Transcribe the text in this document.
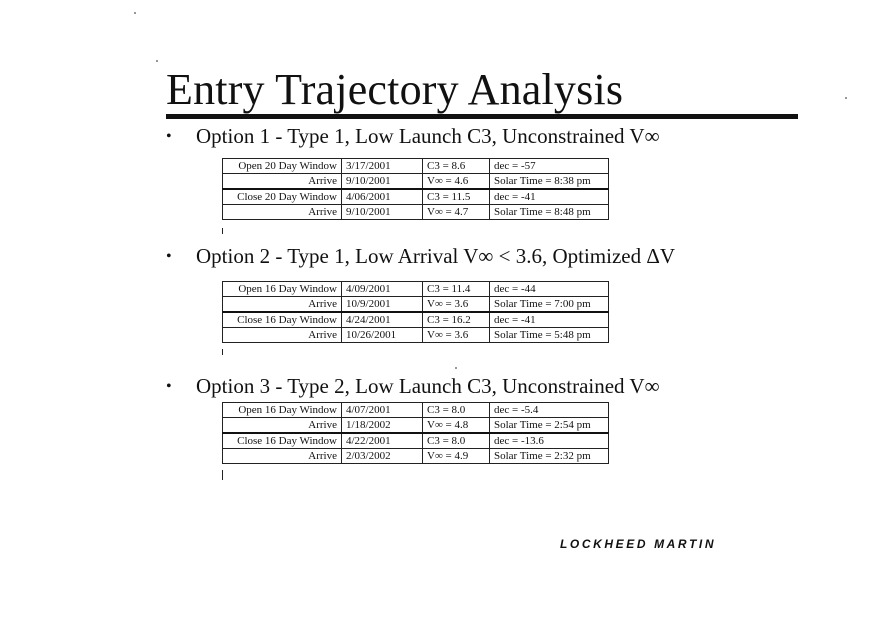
Entry Trajectory Analysis
• Option 1 - Type 1, Low Launch C3, Unconstrained V∞
Open 20 Day Window	3/17/2001	C3 = 8.6	dec = -57
Arrive	9/10/2001	V∞ = 4.6	Solar Time = 8:38 pm
Close 20 Day Window	4/06/2001	C3 = 11.5	dec = -41
Arrive	9/10/2001	V∞ = 4.7	Solar Time = 8:48 pm
• Option 2 - Type 1, Low Arrival V∞ < 3.6, Optimized ΔV
Open 16 Day Window	4/09/2001	C3 = 11.4	dec = -44
Arrive	10/9/2001	V∞ = 3.6	Solar Time = 7:00 pm
Close 16 Day Window	4/24/2001	C3 = 16.2	dec = -41
Arrive	10/26/2001	V∞ = 3.6	Solar Time = 5:48 pm
• Option 3 - Type 2, Low Launch C3, Unconstrained V∞
Open 16 Day Window	4/07/2001	C3 = 8.0	dec = -5.4
Arrive	1/18/2002	V∞ = 4.8	Solar Time = 2:54 pm
Close 16 Day Window	4/22/2001	C3 = 8.0	dec = -13.6
Arrive	2/03/2002	V∞ = 4.9	Solar Time = 2:32 pm
LOCKHEED MARTIN
